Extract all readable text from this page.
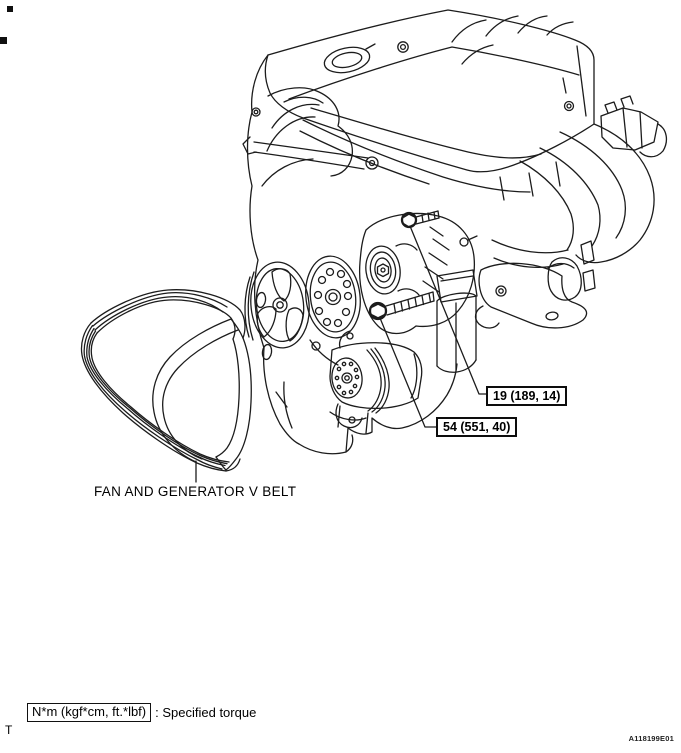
FAN AND GENERATOR V BELT
19 (189, 14)
54 (551, 40)
N*m (kgf*cm, ft.*lbf) : Specified torque
T
A118199E01
